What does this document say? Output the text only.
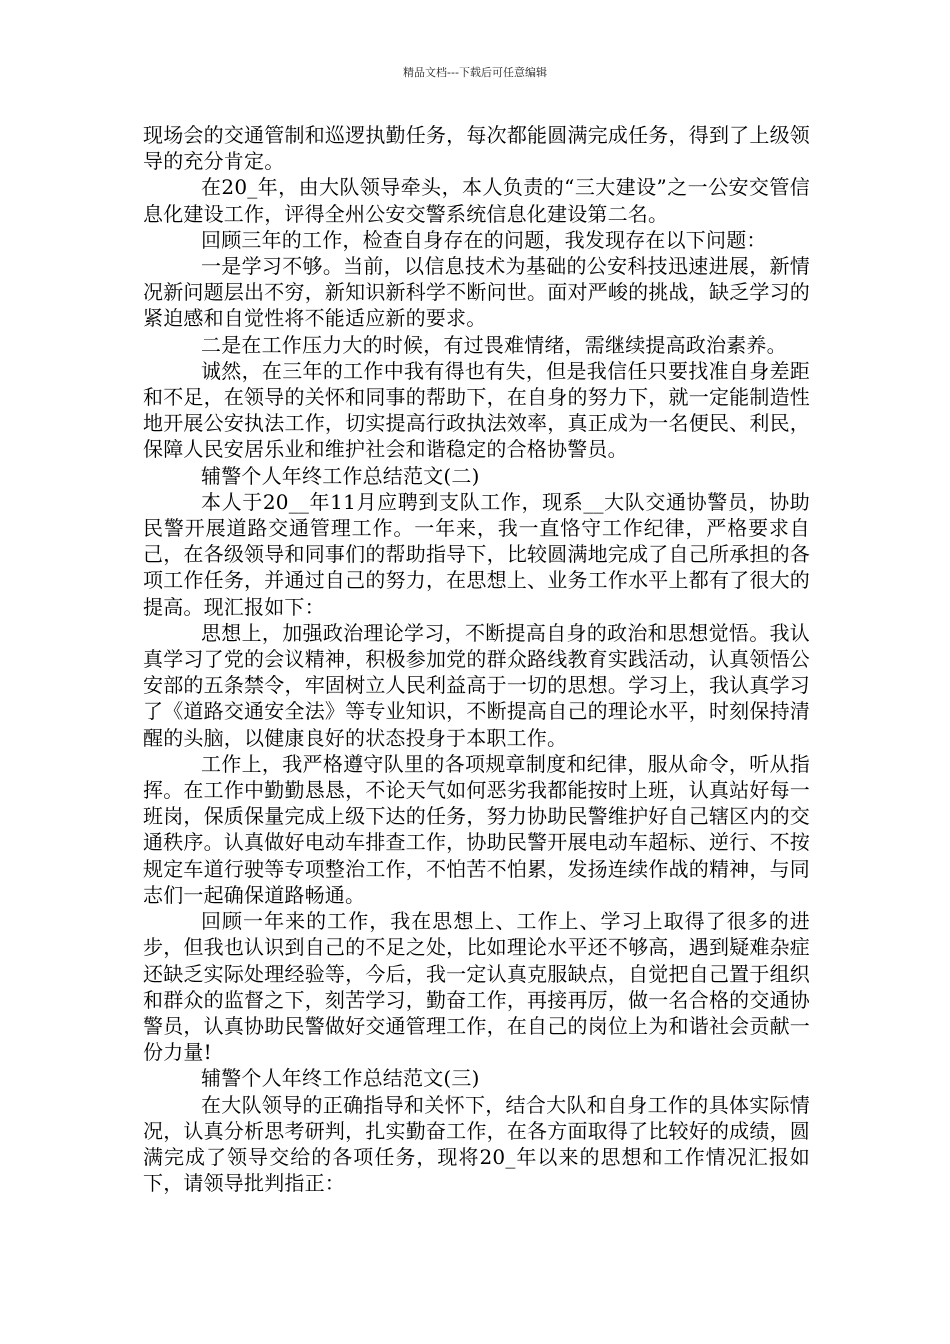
精品文档---下载后可任意编辑

现场会的交通管制和巡逻执勤任务，每次都能圆满完成任务，得到了上级领导的充分肯定。

在20_年，由大队领导牵头，本人负责的“三大建设”之一公安交管信息化建设工作，评得全州公安交警系统信息化建设第二名。

回顾三年的工作，检查自身存在的问题，我发现存在以下问题：

一是学习不够。当前，以信息技术为基础的公安科技迅速进展，新情况新问题层出不穷，新知识新科学不断问世。面对严峻的挑战，缺乏学习的紧迫感和自觉性将不能适应新的要求。

二是在工作压力大的时候，有过畏难情绪，需继续提高政治素养。

诚然，在三年的工作中我有得也有失，但是我信任只要找准自身差距和不足，在领导的关怀和同事的帮助下，在自身的努力下，就一定能制造性地开展公安执法工作，切实提高行政执法效率，真正成为一名便民、利民，保障人民安居乐业和维护社会和谐稳定的合格协警员。

辅警个人年终工作总结范文(二)

本人于20__年11月应聘到支队工作，现系__大队交通协警员，协助民警开展道路交通管理工作。一年来，我一直恪守工作纪律，严格要求自己，在各级领导和同事们的帮助指导下，比较圆满地完成了自己所承担的各项工作任务，并通过自己的努力，在思想上、业务工作水平上都有了很大的提高。现汇报如下：

思想上，加强政治理论学习，不断提高自身的政治和思想觉悟。我认真学习了党的会议精神，积极参加党的群众路线教育实践活动，认真领悟公安部的五条禁令，牢固树立人民利益高于一切的思想。学习上，我认真学习了《道路交通安全法》等专业知识，不断提高自己的理论水平，时刻保持清醒的头脑，以健康良好的状态投身于本职工作。

工作上，我严格遵守队里的各项规章制度和纪律，服从命令，听从指挥。在工作中勤勤恳恳，不论天气如何恶劣我都能按时上班，认真站好每一班岗，保质保量完成上级下达的任务，努力协助民警维护好自己辖区内的交通秩序。认真做好电动车排查工作，协助民警开展电动车超标、逆行、不按规定车道行驶等专项整治工作，不怕苦不怕累，发扬连续作战的精神，与同志们一起确保道路畅通。

回顾一年来的工作，我在思想上、工作上、学习上取得了很多的进步，但我也认识到自己的不足之处，比如理论水平还不够高，遇到疑难杂症还缺乏实际处理经验等，今后，我一定认真克服缺点，自觉把自己置于组织和群众的监督之下，刻苦学习，勤奋工作，再接再厉，做一名合格的交通协警员，认真协助民警做好交通管理工作，在自己的岗位上为和谐社会贡献一份力量!

辅警个人年终工作总结范文(三)

在大队领导的正确指导和关怀下，结合大队和自身工作的具体实际情况，认真分析思考研判，扎实勤奋工作，在各方面取得了比较好的成绩，圆满完成了领导交给的各项任务，现将20_年以来的思想和工作情况汇报如下，请领导批判指正：
